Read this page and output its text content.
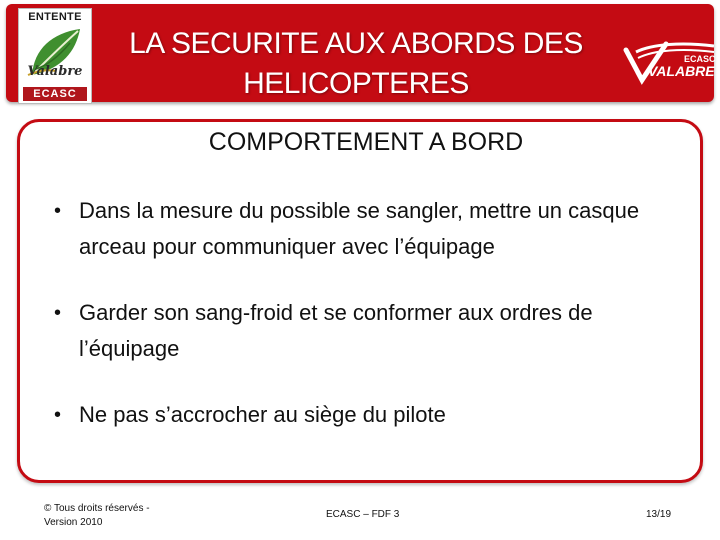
ENTENTE
Valabre
ECASC
LA SECURITE AUX ABORDS DES
HELICOPTERES
ECASC
VALABRE
COMPORTEMENT A BORD
• Dans la mesure du possible se sangler, mettre un casque arceau pour communiquer avec l’équipage
• Garder son sang-froid et se conformer aux ordres de l’équipage
• Ne pas s’accrocher au siège du pilote
© Tous droits réservés -
Version 2010
ECASC – FDF 3	13/19
